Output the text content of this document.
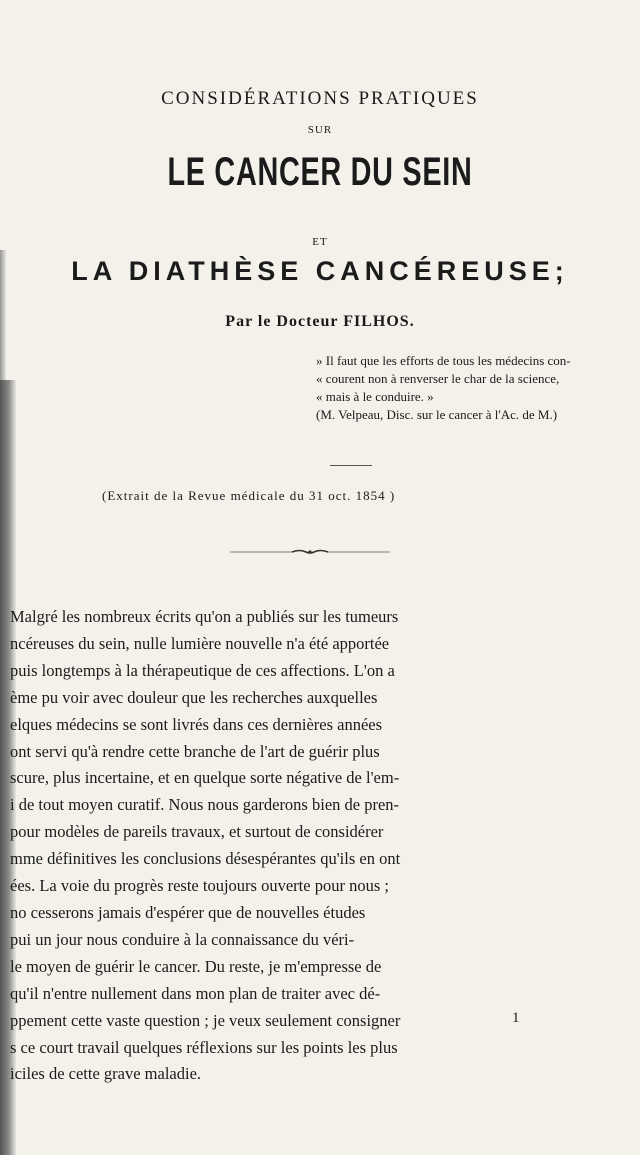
CONSIDÉRATIONS PRATIQUES
SUR
LE CANCER DU SEIN
ET
LA DIATHÈSE CANCÉREUSE;
Par le Docteur FILHOS.
» Il faut que les efforts de tous les médecins con-
« courent non à renverser le char de la science,
« mais à le conduire. »
(M. Velpeau, Disc. sur le cancer à l'Ac. de M.)
(Extrait de la Revue médicale du 31 oct. 1854 )
Malgré les nombreux écrits qu'on a publiés sur les tumeurs
ncéreuses du sein, nulle lumière nouvelle n'a été apportée
puis longtemps à la thérapeutique de ces affections. L'on a
ème pu voir avec douleur que les recherches auxquelles
elques médecins se sont livrés dans ces dernières années
ont servi qu'à rendre cette branche de l'art de guérir plus
scure, plus incertaine, et en quelque sorte négative de l'em-
i de tout moyen curatif. Nous nous garderons bien de pren-
pour modèles de pareils travaux, et surtout de considérer
mme définitives les conclusions désespérantes qu'ils en ont
ées. La voie du progrès reste toujours ouverte pour nous ;
no cesserons jamais d'espérer que de nouvelles études
pui un jour nous conduire à la connaissance du véri-
le moyen de guérir le cancer. Du reste, je m'empresse de
qu'il n'entre nullement dans mon plan de traiter avec dé-
ppement cette vaste question ; je veux seulement consigner
s ce court travail quelques réflexions sur les points les plus
iciles de cette grave maladie.
1
